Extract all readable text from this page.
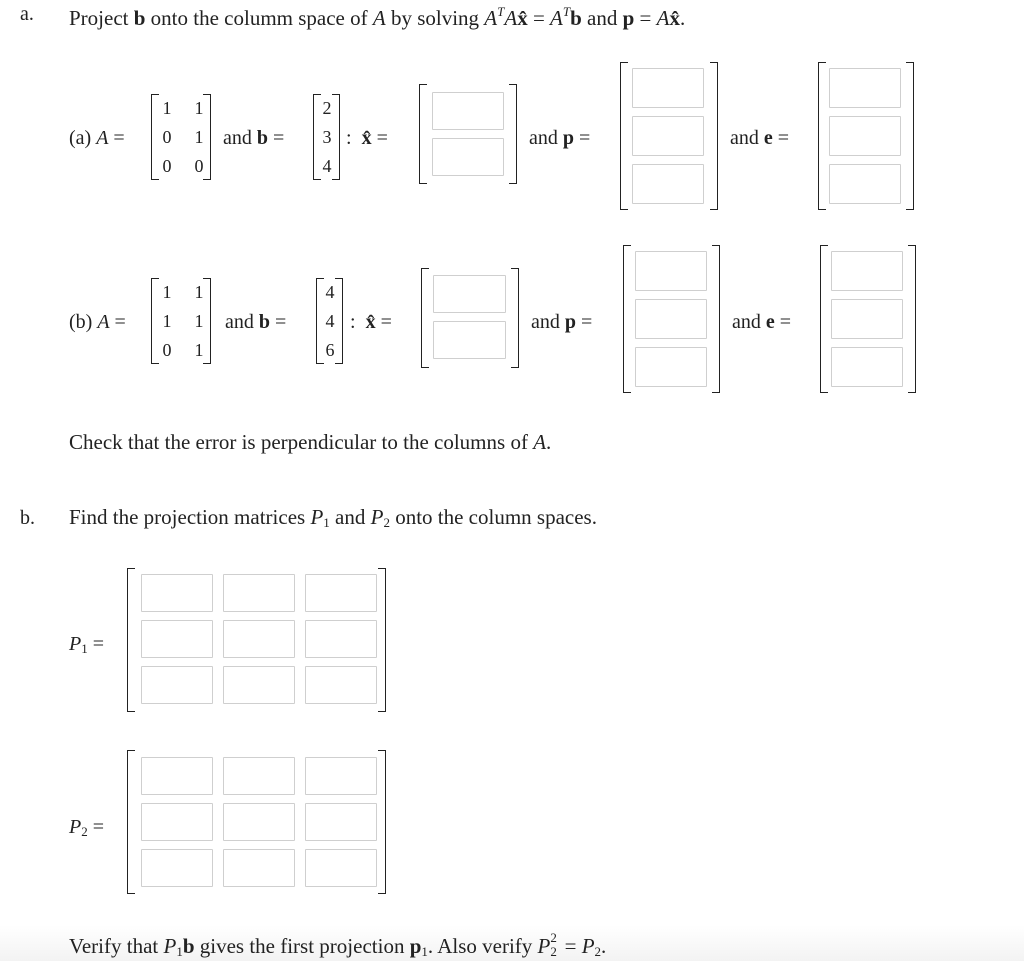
a. Project b onto the columm space of A by solving $A^TAx̂ = A^Tb$ and p = Ax̂.
(a) A =
1 1
0 1
0 0
and b =
2
3
4
: x̂ =	and p =	and e =
(b) A =
1 1
1 1
0 1
and b =
4
4
6
: x̂ =	and p =	and e =
Check that the error is perpendicular to the columns of A.
b. Find the projection matrices $P_1$ and $P_2$ onto the column spaces.
$P_1$ =
$P_2$ =
Verify that $P_1b$ gives the first projection $p_1$. Also verify P 2
$2 = P_2$.
